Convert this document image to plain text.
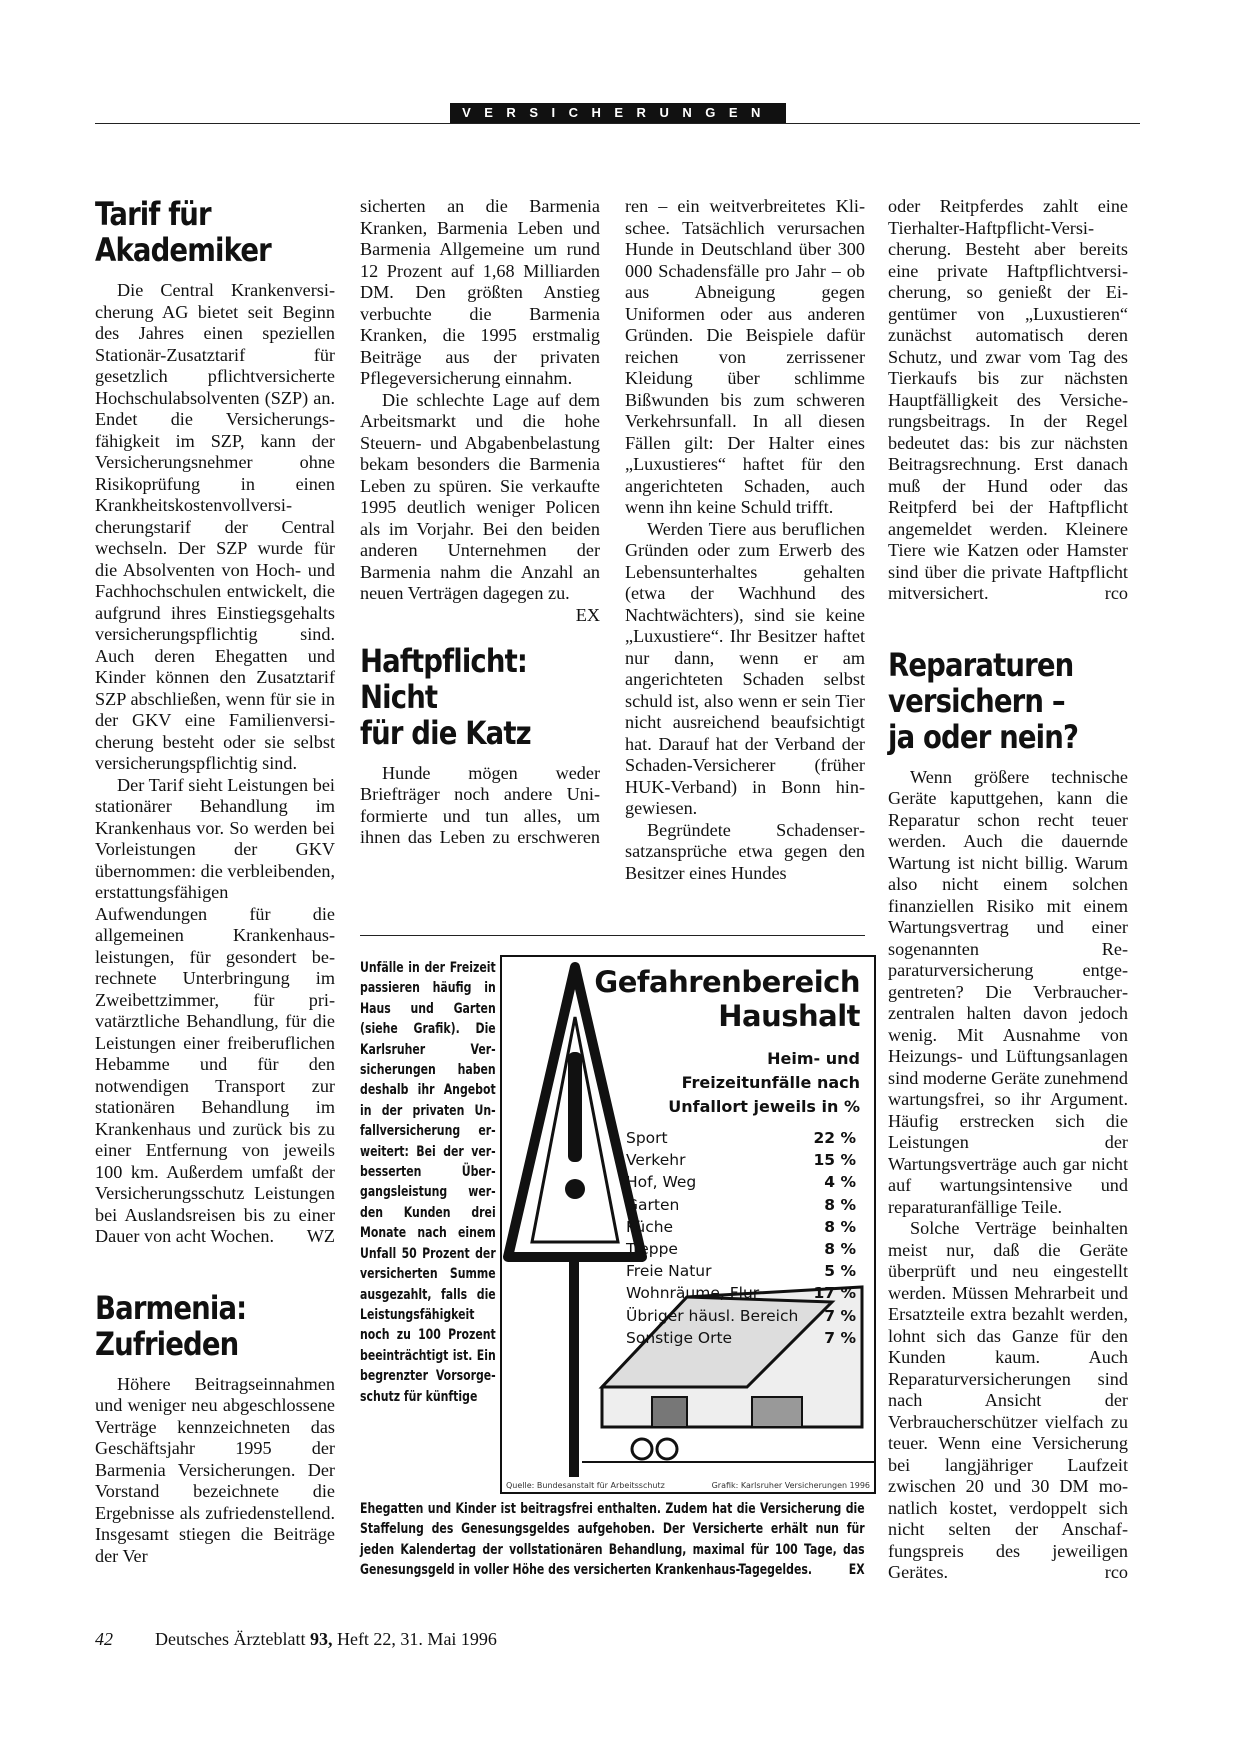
VERSICHERUNGEN
Tarif für
Akademiker

Die Central Krankenversicherung AG bietet seit Beginn des Jahres einen speziellen Stationär-Zusatztarif für gesetzlich pflichtversicherte Hochschulabsolventen (SZP) an. Endet die Versicherungsfähigkeit im SZP, kann der Versicherungsnehmer ohne Risikoprüfung in einen Krankheitskostenvollversicherungstarif der Central wechseln. Der SZP wurde für die Absolventen von Hoch- und Fachhochschulen entwickelt, die aufgrund ihres Einstiegsgehalts versicherungspflichtig sind. Auch deren Ehegatten und Kinder können den Zusatztarif SZP abschließen, wenn für sie in der GKV eine Familienversicherung besteht oder sie selbst versicherungspflichtig sind.

Der Tarif sieht Leistungen bei stationärer Behandlung im Krankenhaus vor. So werden bei Vorleistungen der GKV übernommen: die verbleibenden, erstattungsfähigen Aufwendungen für die allgemeinen Krankenhausleistungen, für gesondert berechnete Unterbringung im Zweibettzimmer, für privatärztliche Behandlung, für die Leistungen einer freiberuflichen Hebamme und für den notwendigen Transport zur stationären Behandlung im Krankenhaus und zurück bis zu einer Entfernung von jeweils 100 km. Außerdem umfaßt der Versicherungsschutz Leistungen bei Auslandsreisen bis zu einer Dauer von acht Wochen.	WZ

Barmenia:
Zufrieden

Höhere Beitragseinnahmen und weniger neu abgeschlossene Verträge kennzeichneten das Geschäftsjahr 1995 der Barmenia Versicherungen. Der Vorstand bezeichnete die Ergebnisse als zufriedenstellend. Insgesamt stiegen die Beiträge der Ver

sicherten an die Barmenia Kranken, Barmenia Leben und Barmenia Allgemeine um rund 12 Prozent auf 1,68 Milliarden DM. Den größten Anstieg verbuchte die Barmenia Kranken, die 1995 erstmalig Beiträge aus der privaten Pflegeversicherung einnahm.

Die schlechte Lage auf dem Arbeitsmarkt und die hohe Steuern- und Abgabenbelastung bekam besonders die Barmenia Leben zu spüren. Sie verkaufte 1995 deutlich weniger Policen als im Vorjahr. Bei den beiden anderen Unternehmen der Barmenia nahm die Anzahl an neuen Verträgen dagegen zu.
EX

Haftpflicht:
Nicht
für die Katz

Hunde mögen weder Briefträger noch andere Uniformierte und tun alles, um ihnen das Leben zu erschweren

ren – ein weitverbreitetes Klischee. Tatsächlich verursachen Hunde in Deutschland über 300 000 Schadensfälle pro Jahr – ob aus Abneigung gegen Uniformen oder aus anderen Gründen. Die Beispiele dafür reichen von zerrissener Kleidung über schlimme Bißwunden bis zum schweren Verkehrsunfall. In all diesen Fällen gilt: Der Halter eines „Luxustieres“ haftet für den angerichteten Schaden, auch wenn ihn keine Schuld trifft.

Werden Tiere aus beruflichen Gründen oder zum Erwerb des Lebensunterhaltes gehalten (etwa der Wachhund des Nachtwächters), sind sie keine „Luxustiere“. Ihr Besitzer haftet nur dann, wenn er am angerichteten Schaden selbst schuld ist, also wenn er sein Tier nicht ausreichend beaufsichtigt hat. Darauf hat der Verband der Schaden-Versicherer (früher HUK-Verband) in Bonn hingewiesen.

Begründete Schadensersatzansprüche etwa gegen den Besitzer eines Hundes

oder Reitpferdes zahlt eine Tierhalter-Haftpflicht-Versicherung. Besteht aber bereits eine private Haftpflichtversicherung, so genießt der Eigentümer von „Luxustieren“ zunächst automatisch deren Schutz, und zwar vom Tag des Tierkaufs bis zur nächsten Hauptfälligkeit des Versicherungsbeitrags. In der Regel bedeutet das: bis zur nächsten Beitragsrechnung. Erst danach muß der Hund oder das Reitpferd bei der Haftpflicht angemeldet werden. Kleinere Tiere wie Katzen oder Hamster sind über die private Haftpflicht mitversichert.	rco

Reparaturen
versichern –
ja oder nein?

Wenn größere technische Geräte kaputtgehen, kann die Reparatur schon recht teuer werden. Auch die dauernde Wartung ist nicht billig. Warum also nicht einem solchen finanziellen Risiko mit einem Wartungsvertrag und einer sogenannten Reparaturversicherung entgegentreten? Die Verbraucherzentralen halten davon jedoch wenig. Mit Ausnahme von Heizungs- und Lüftungsanlagen sind moderne Geräte zunehmend wartungsfrei, so ihr Argument. Häufig erstrecken sich die Leistungen der Wartungsverträge auch gar nicht auf wartungsintensive und reparaturanfällige Teile.

Solche Verträge beinhalten meist nur, daß die Geräte überprüft und neu eingestellt werden. Müssen Mehrarbeit und Ersatzteile extra bezahlt werden, lohnt sich das Ganze für den Kunden kaum. Auch Reparaturversicherungen sind nach Ansicht der Verbraucherschützer vielfach zu teuer. Wenn eine Versicherung bei langjähriger Laufzeit zwischen 20 und 30 DM monatlich kostet, verdoppelt sich nicht selten der Anschaffungspreis des jeweiligen Gerätes.	rco

Unfälle in der Freizeit passieren häufig in Haus und Garten (siehe Grafik). Die Karlsruher Versicherungen haben deshalb ihr Angebot in der privaten Unfallversicherung erweitert: Bei der verbesserten Übergangsleistung werden Kunden drei Monate nach einem Unfall 50 Prozent der versicherten Summe ausgezahlt, falls die Leistungsfähigkeit noch zu 100 Prozent beeinträchtigt ist. Ein begrenzter Vorsorgeschutz für künftige
Ehegatten und Kinder ist beitragsfrei enthalten. Zudem hat die Versicherung die Staffelung des Genesungsgeldes aufgehoben. Der Versicherte erhält nun für jeden Kalendertag der vollstationären Behandlung, maximal für 100 Tage, das Genesungsgeld in voller Höhe des versicherten Krankenhaus-Tagegeldes.	EX
Gefahrenbereich Haushalt
Heim- und Freizeitunfälle nach Unfallort jeweils in %
Sport	22 %
Verkehr	15 %
Hof, Weg	4 %
Garten	8 %
Küche	8 %
Treppe	8 %
Freie Natur	5 %
Wohnräume, Flur	17 %
Übriger häusl. Bereich 7 %
Sonstige Orte	7 %
Quelle: Bundesanstalt für Arbeitsschutz	Grafik: Karlsruher Versicherungen 1996
42 Deutsches Ärzteblatt 93, Heft 22, 31. Mai 1996
